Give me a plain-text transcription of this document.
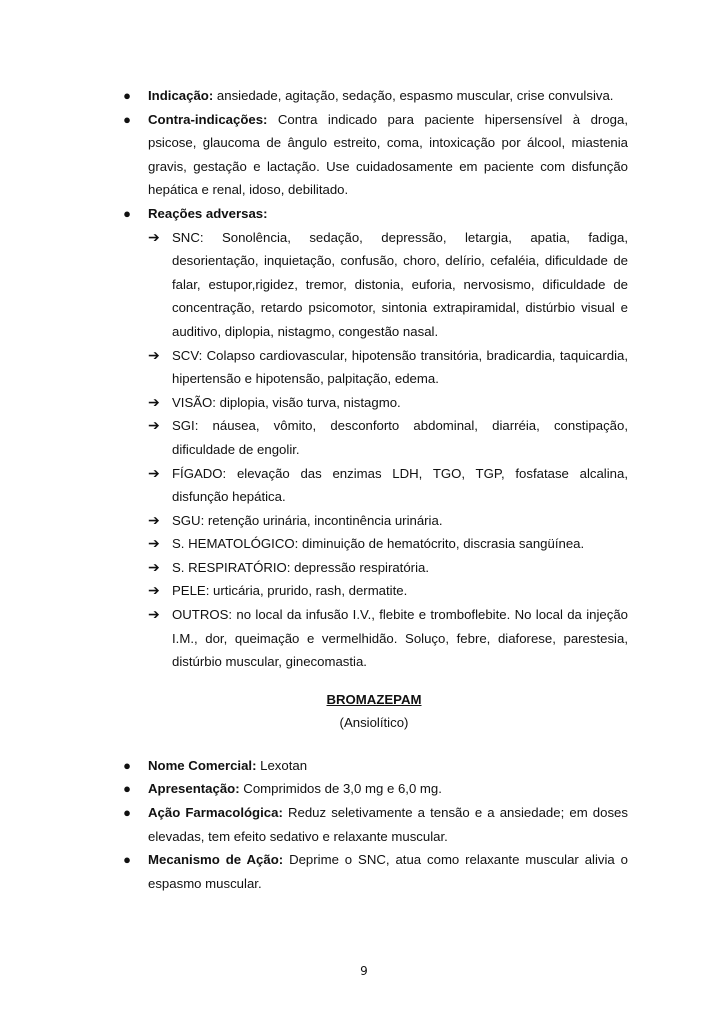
● Indicação: ansiedade, agitação, sedação, espasmo muscular, crise convulsiva.
● Contra-indicações: Contra indicado para paciente hipersensível à droga, psicose, glaucoma de ângulo estreito, coma, intoxicação por álcool, miastenia gravis, gestação e lactação. Use cuidadosamente em paciente com disfunção hepática e renal, idoso, debilitado.
● Reações adversas:
➔ SNC: Sonolência, sedação, depressão, letargia, apatia, fadiga, desorientação, inquietação, confusão, choro, delírio, cefaléia, dificuldade de falar, estupor,rigidez, tremor, distonia, euforia, nervosismo, dificuldade de concentração, retardo psicomotor, sintonia extrapiramidal, distúrbio visual e auditivo, diplopia, nistagmo, congestão nasal.
➔ SCV: Colapso cardiovascular, hipotensão transitória, bradicardia, taquicardia, hipertensão e hipotensão, palpitação, edema.
➔ VISÃO: diplopia, visão turva, nistagmo.
➔ SGI: náusea, vômito, desconforto abdominal, diarréia, constipação, dificuldade de engolir.
➔ FÍGADO: elevação das enzimas LDH, TGO, TGP, fosfatase alcalina, disfunção hepática.
➔ SGU: retenção urinária, incontinência urinária.
➔ S. HEMATOLÓGICO: diminuição de hematócrito, discrasia sangüínea.
➔ S. RESPIRATÓRIO: depressão respiratória.
➔ PELE: urticária, prurido, rash, dermatite.
➔ OUTROS: no local da infusão I.V., flebite e tromboflebite. No local da injeção I.M., dor, queimação e vermelhidão. Soluço, febre, diaforese, parestesia, distúrbio muscular, ginecomastia.
BROMAZEPAM
(Ansiolítico)
● Nome Comercial: Lexotan
● Apresentação: Comprimidos de 3,0 mg e 6,0 mg.
● Ação Farmacológica: Reduz seletivamente a tensão e a ansiedade; em doses elevadas, tem efeito sedativo e relaxante muscular.
● Mecanismo de Ação: Deprime o SNC, atua como relaxante muscular alivia o espasmo muscular.
9
